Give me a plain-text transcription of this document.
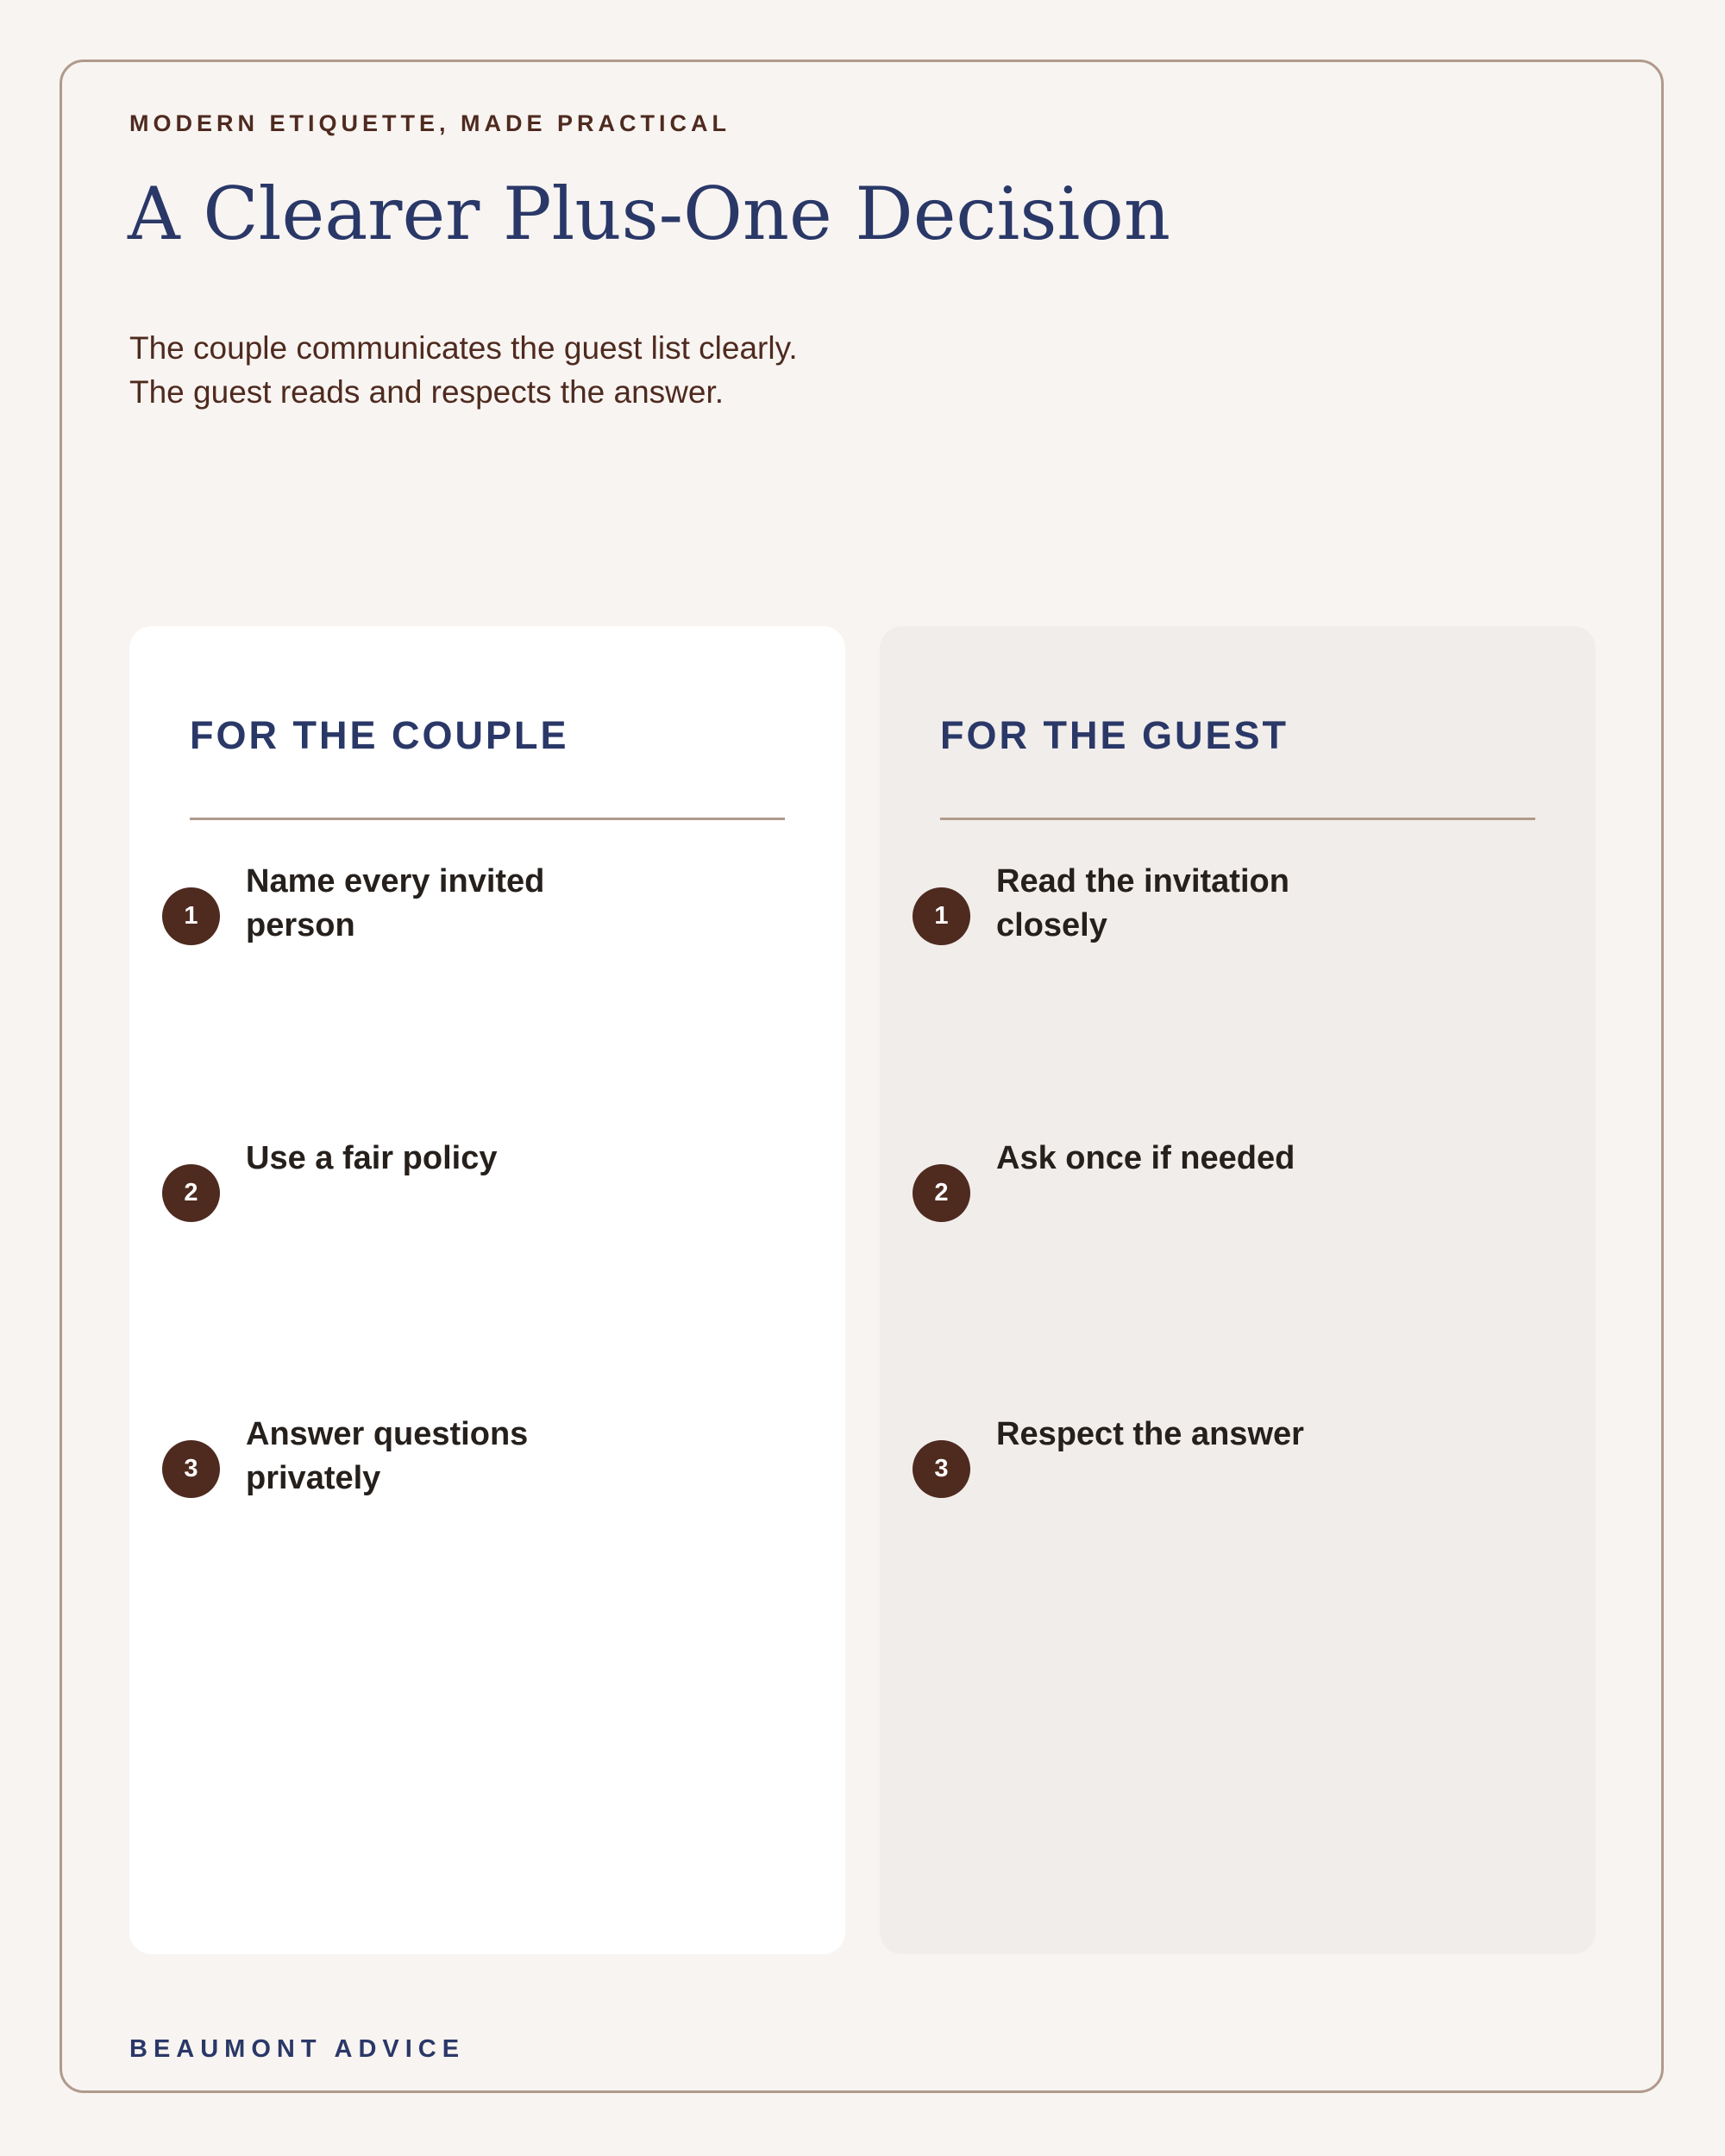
MODERN ETIQUETTE, MADE PRACTICAL
A Clearer Plus-One Decision
The couple communicates the guest list clearly.
The guest reads and respects the answer.
FOR THE COUPLE
1
Name every invited person
2
Use a fair policy
3
Answer questions privately
FOR THE GUEST
1
Read the invitation closely
2
Ask once if needed
3
Respect the answer
BEAUMONT ADVICE
